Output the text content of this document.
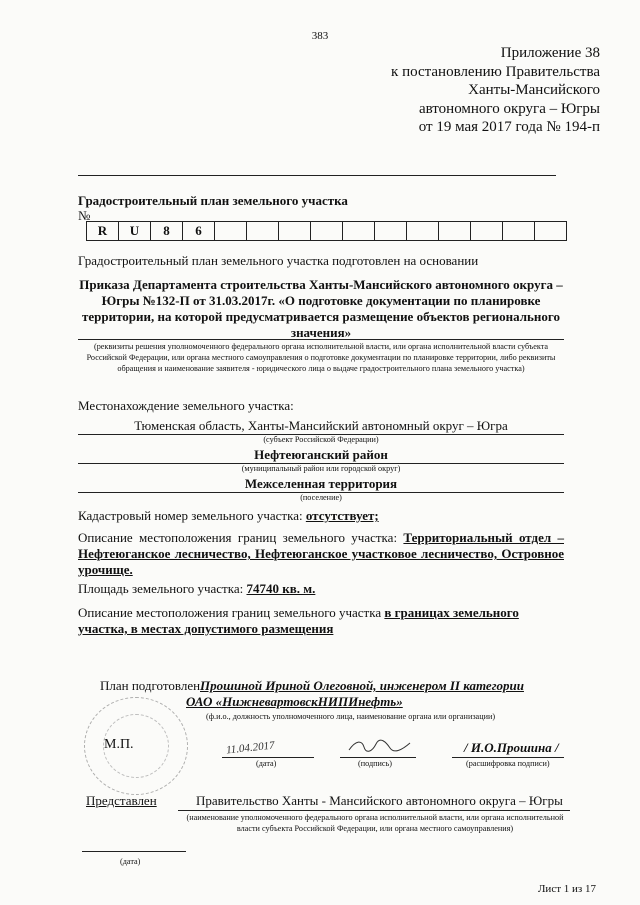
383
Приложение 38
к постановлению Правительства
Ханты-Мансийского
автономного округа – Югры
от 19 мая 2017 года № 194-п
Градостроительный план земельного участка
№
R	U	8	6											
Градостроительный план земельного участка подготовлен на основании
Приказа Департамента строительства Ханты-Мансийского автономного округа – Югры №132-П от 31.03.2017г. «О подготовке документации по планировке территории, на которой предусматривается размещение объектов регионального значения»
(реквизиты решения уполномоченного федерального органа исполнительной власти, или органа исполнительной власти субъекта Российской Федерации, или органа местного самоуправления о подготовке документации по планировке территории, либо реквизиты обращения и наименование заявителя - юридического лица о выдаче градостроительного плана земельного участка)
Местонахождение земельного участка:
Тюменская область, Ханты-Мансийский автономный округ – Югра
(субъект Российской Федерации)
Нефтеюганский район
(муниципальный район или городской округ)
Межселенная территория
(поселение)
Кадастровый номер земельного участка: отсутствует;
Описание местоположения границ земельного участка: Территориальный отдел – Нефтеюганское лесничество, Нефтеюганское участковое лесничество, Островное урочище.
Площадь земельного участка: 74740 кв. м.
Описание местоположения границ земельного участка в границах земельного участка, в местах допустимого размещения
План подготовлен Прошиной Ириной Олеговной, инженером II категории
ОАО «НижневартовскНИПИнефть»
(ф.и.о., должность уполномоченного лица, наименование органа или организации)
М.П.	11.04.2017	/ И.О.Прошина /
(дата)	(подпись)	(расшифровка подписи)
Представлен	Правительство Ханты - Мансийского автономного округа – Югры
(наименование уполномоченного федерального органа исполнительной власти, или органа исполнительной власти субъекта Российской Федерации, или органа местного самоуправления)
(дата)
Лист 1 из 17
